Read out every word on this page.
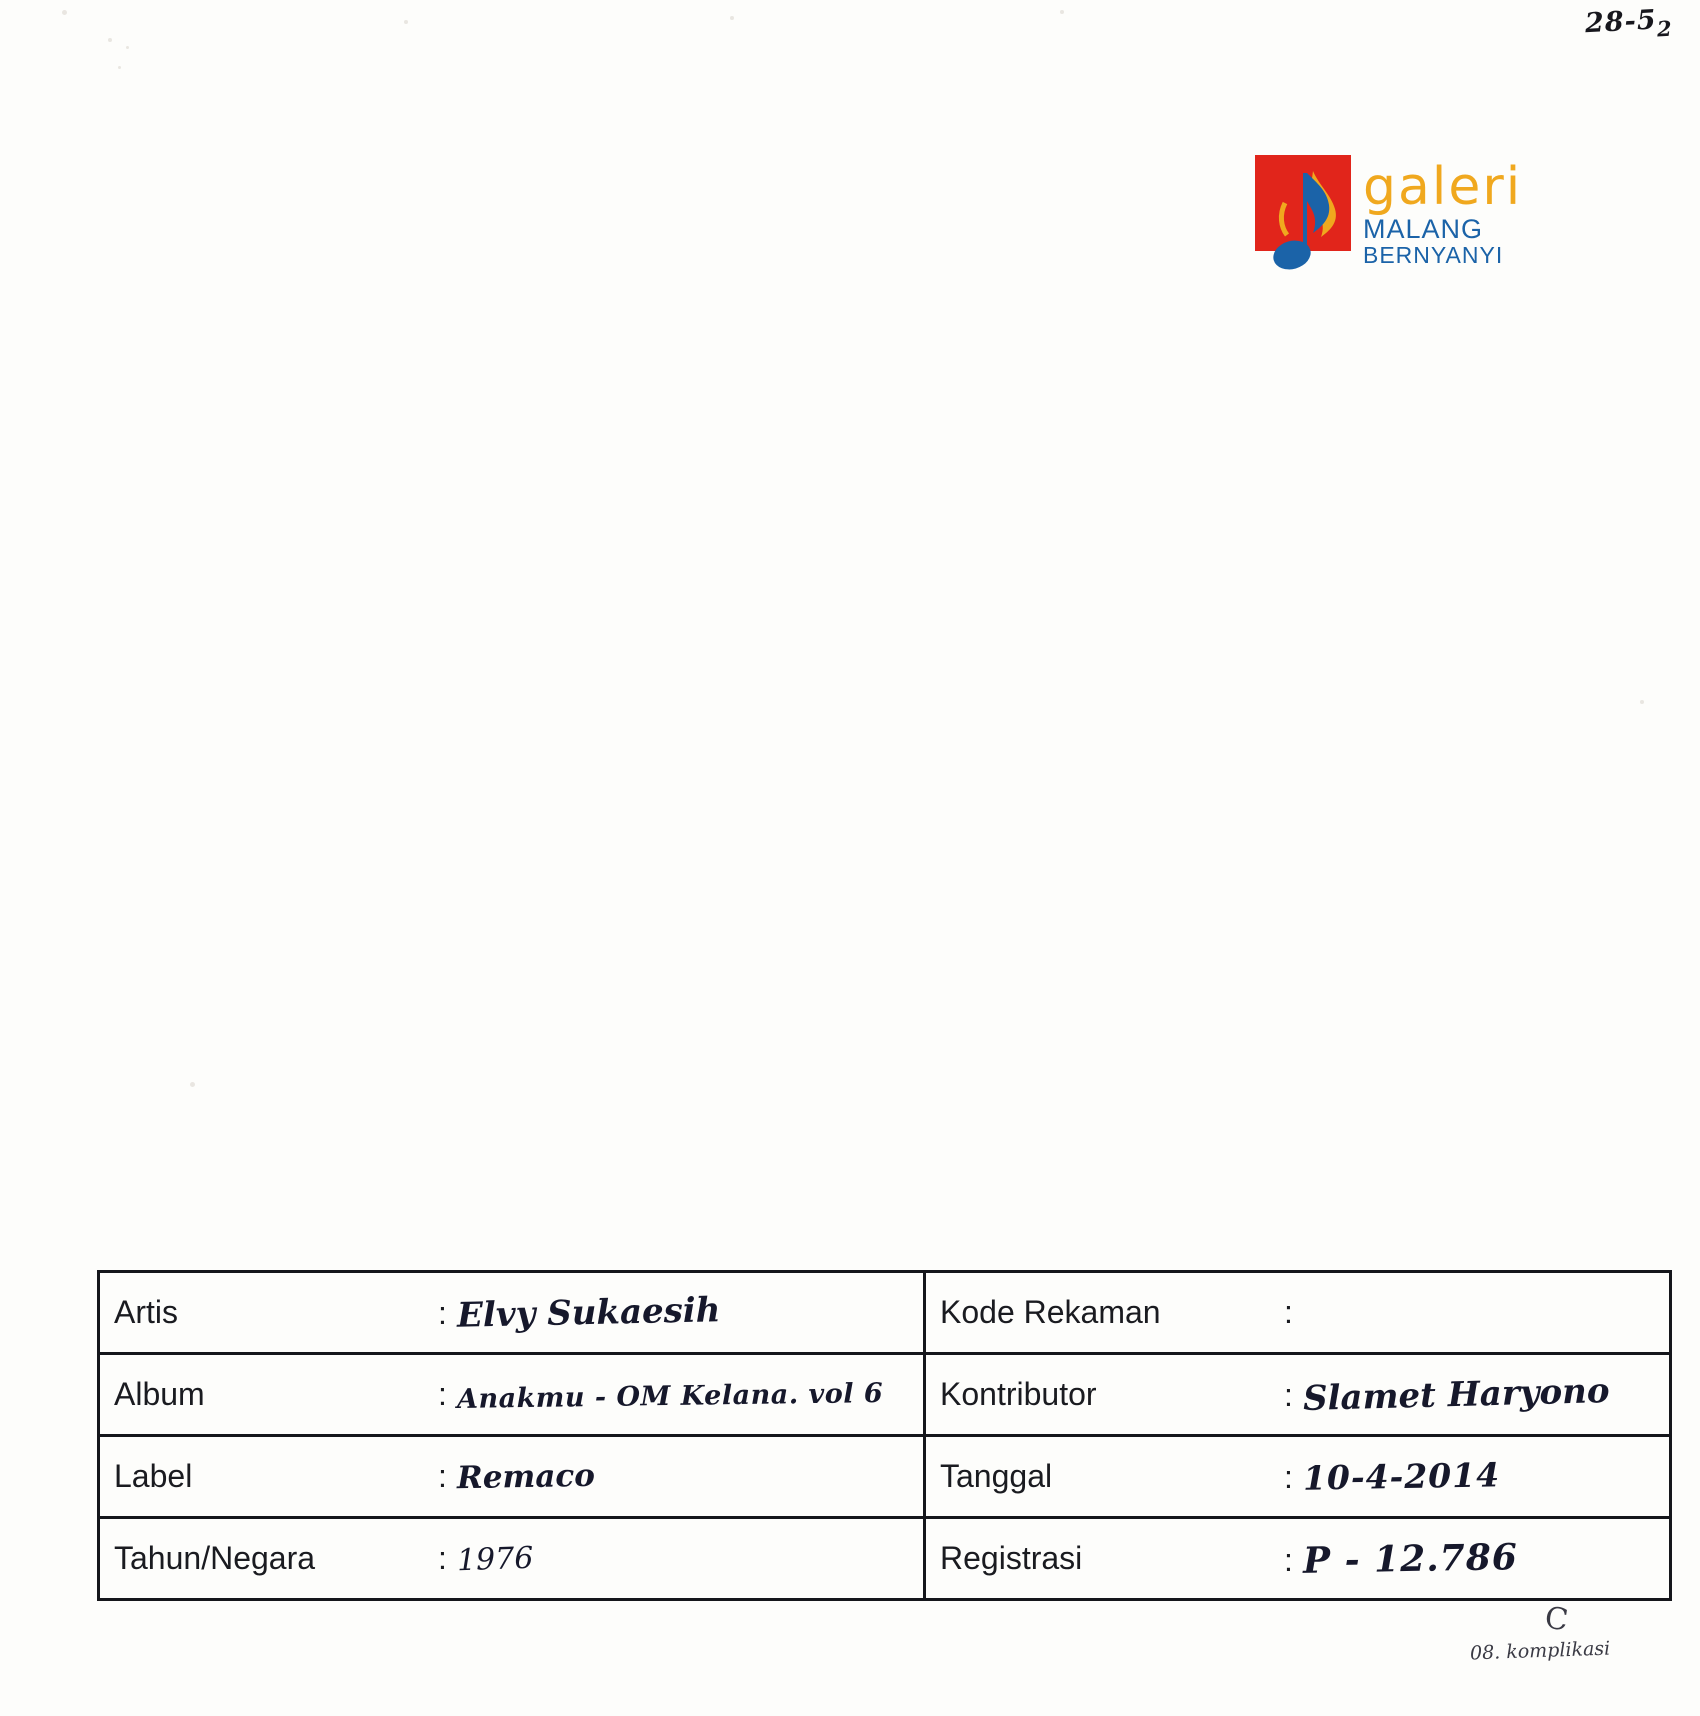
28-52
galeri
MALANG
BERNYANYI
Artis	: Elvy Sukaesih	Kode Rekaman	:

Album	: Anakmu - OM Kelana. vol 6	Kontributor	: Slamet Haryono

Label	: Remaco	Tanggal	: 10-4-2014

Tahun/Negara	: 1976	Registrasi	: P - 12.786
C
08. komplikasi
